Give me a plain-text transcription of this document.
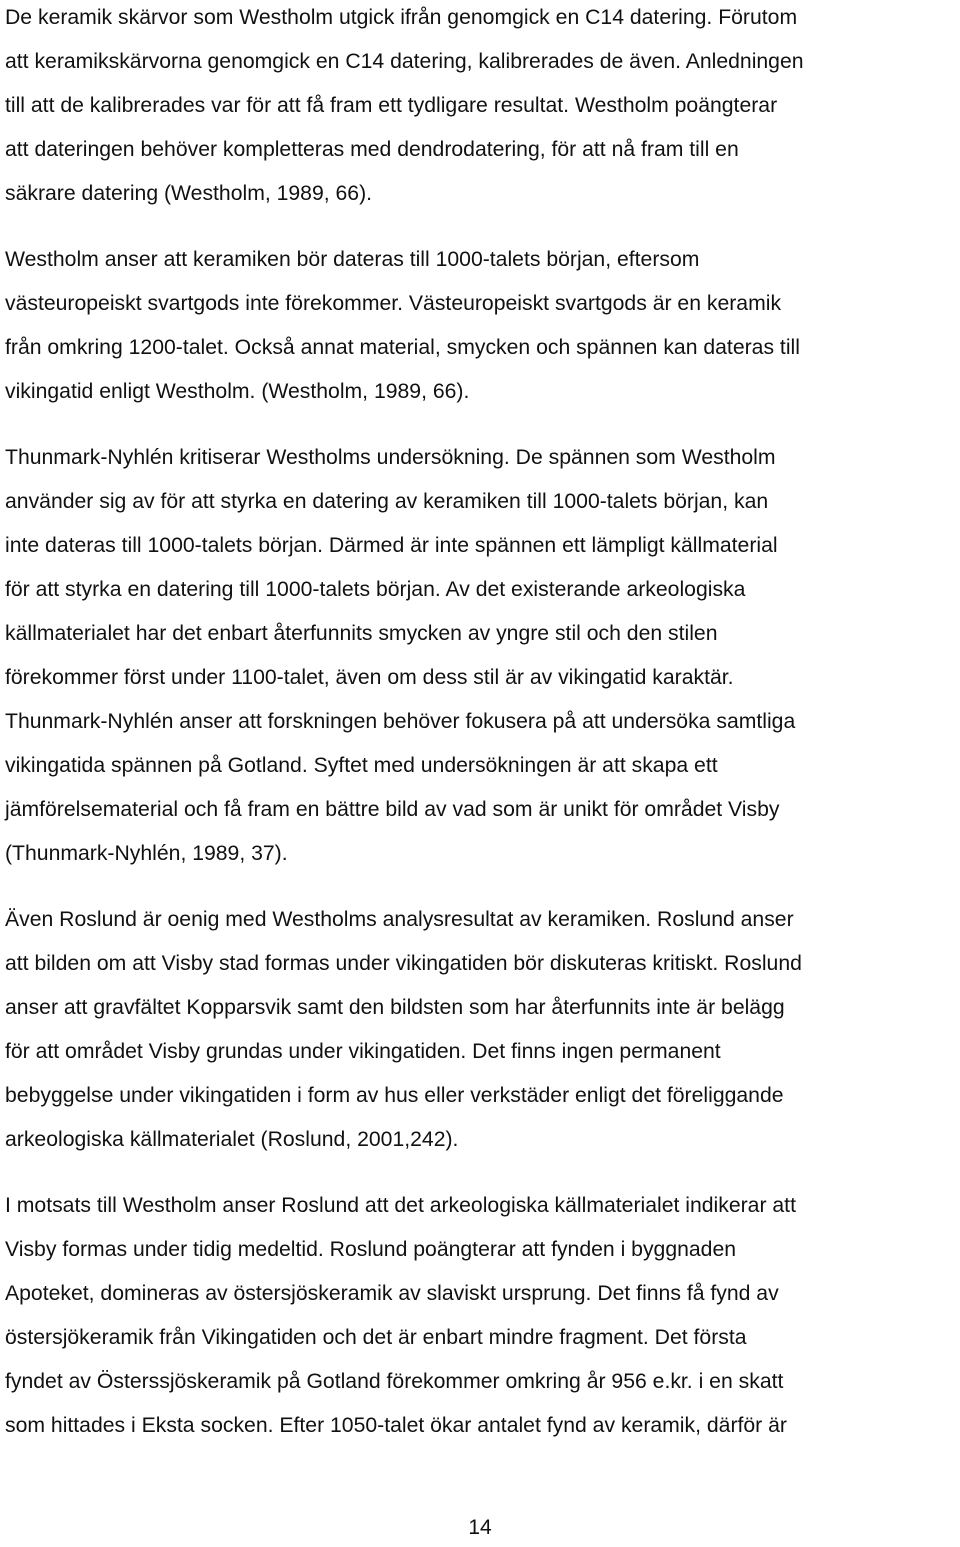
De keramik skärvor som Westholm utgick ifrån genomgick en C14 datering. Förutom
att keramikskärvorna genomgick en C14 datering, kalibrerades de även. Anledningen
till att de kalibrerades var för att få fram ett tydligare resultat. Westholm poängterar
att dateringen behöver kompletteras med dendrodatering, för att nå fram till en
säkrare datering (Westholm, 1989, 66).

Westholm anser att keramiken bör dateras till 1000-talets början, eftersom
västeuropeiskt svartgods inte förekommer. Västeuropeiskt svartgods är en keramik
från omkring 1200-talet. Också annat material, smycken och spännen kan dateras till
vikingatid enligt Westholm. (Westholm, 1989, 66).

Thunmark-Nyhlén kritiserar Westholms undersökning. De spännen som Westholm
använder sig av för att styrka en datering av keramiken till 1000-talets början, kan
inte dateras till 1000-talets början. Därmed är inte spännen ett lämpligt källmaterial
för att styrka en datering till 1000-talets början. Av det existerande arkeologiska
källmaterialet har det enbart återfunnits smycken av yngre stil och den stilen
förekommer först under 1100-talet, även om dess stil är av vikingatid karaktär.
Thunmark-Nyhlén anser att forskningen behöver fokusera på att undersöka samtliga
vikingatida spännen på Gotland. Syftet med undersökningen är att skapa ett
jämförelsematerial och få fram en bättre bild av vad som är unikt för området Visby
(Thunmark-Nyhlén, 1989, 37).

Även Roslund är oenig med Westholms analysresultat av keramiken. Roslund anser
att bilden om att Visby stad formas under vikingatiden bör diskuteras kritiskt. Roslund
anser att gravfältet Kopparsvik samt den bildsten som har återfunnits inte är belägg
för att området Visby grundas under vikingatiden. Det finns ingen permanent
bebyggelse under vikingatiden i form av hus eller verkstäder enligt det föreliggande
arkeologiska källmaterialet (Roslund, 2001,242).

I motsats till Westholm anser Roslund att det arkeologiska källmaterialet indikerar att
Visby formas under tidig medeltid. Roslund poängterar att fynden i byggnaden
Apoteket, domineras av östersjöskeramik av slaviskt ursprung. Det finns få fynd av
östersjökeramik från Vikingatiden och det är enbart mindre fragment. Det första
fyndet av Österssjöskeramik på Gotland förekommer omkring år 956 e.kr. i en skatt
som hittades i Eksta socken. Efter 1050-talet ökar antalet fynd av keramik, därför är

14
